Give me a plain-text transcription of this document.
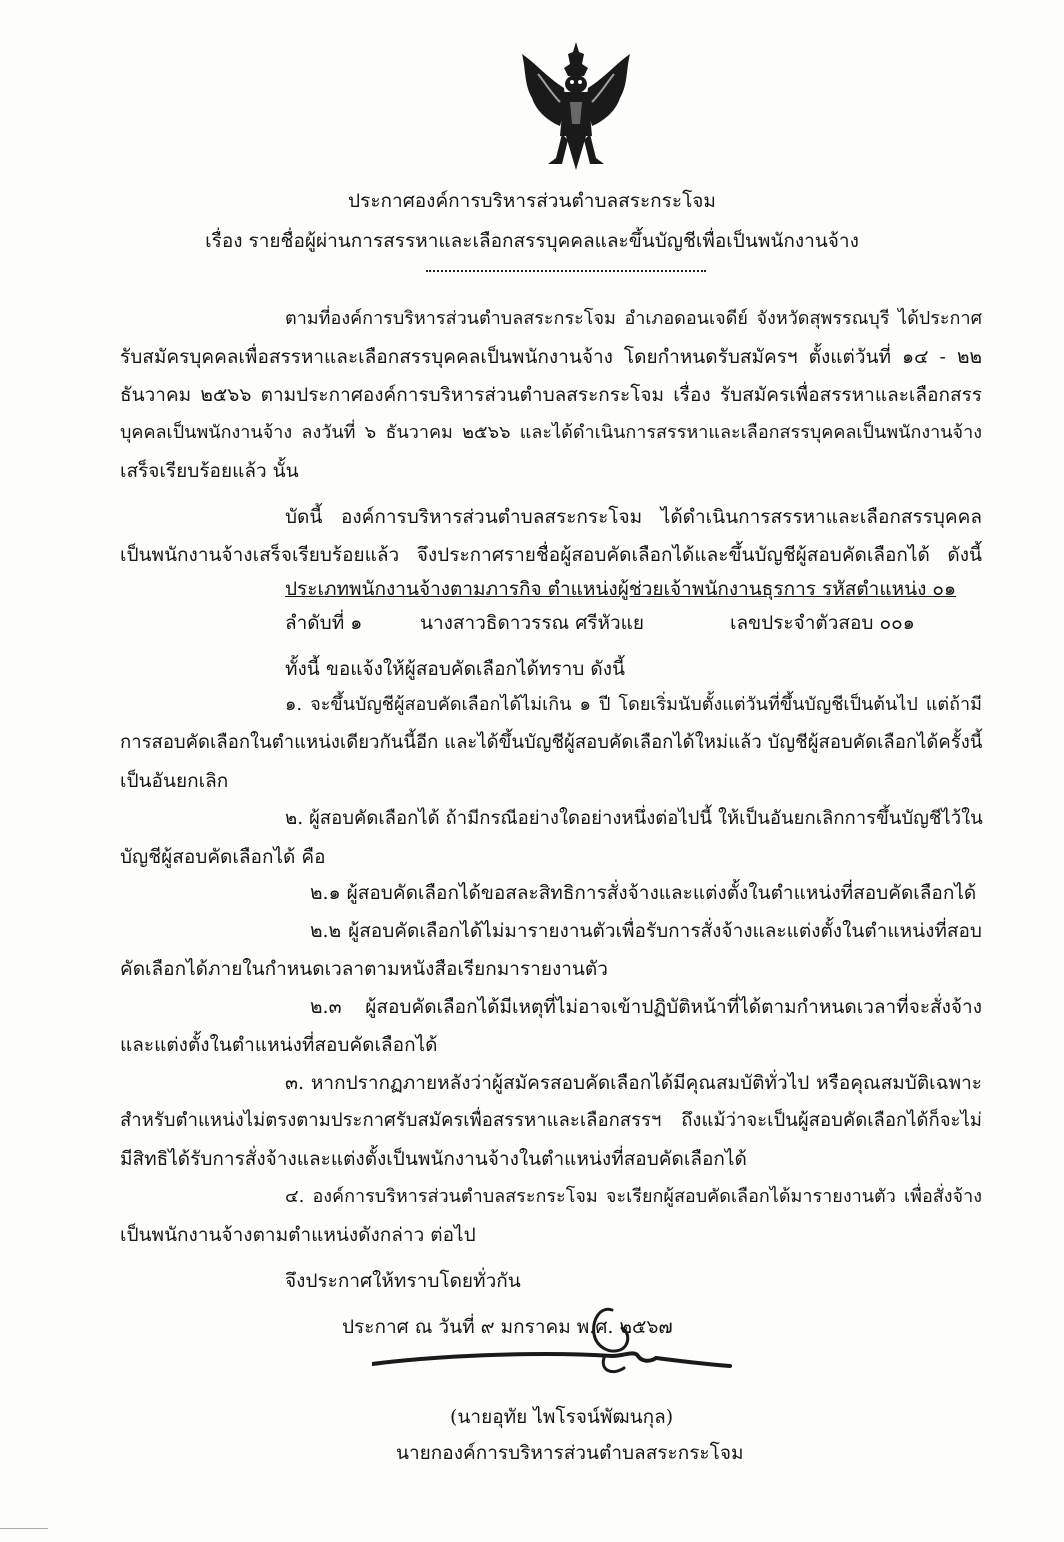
ประกาศองค์การบริหารส่วนตำบลสระกระโจม
เรื่อง รายชื่อผู้ผ่านการสรรหาและเลือกสรรบุคคลและขึ้นบัญชีเพื่อเป็นพนักงานจ้าง
ตามที่องค์การบริหารส่วนตำบลสระกระโจม อำเภอดอนเจดีย์ จังหวัดสุพรรณบุรี ได้ประกาศ
รับสมัครบุคคลเพื่อสรรหาและเลือกสรรบุคคลเป็นพนักงานจ้าง โดยกำหนดรับสมัครฯ ตั้งแต่วันที่ ๑๔ - ๒๒
ธันวาคม ๒๕๖๖ ตามประกาศองค์การบริหารส่วนตำบลสระกระโจม เรื่อง รับสมัครเพื่อสรรหาและเลือกสรร
บุคคลเป็นพนักงานจ้าง ลงวันที่ ๖ ธันวาคม ๒๕๖๖ และได้ดำเนินการสรรหาและเลือกสรรบุคคลเป็นพนักงานจ้าง
เสร็จเรียบร้อยแล้ว นั้น
บัดนี้ องค์การบริหารส่วนตำบลสระกระโจม ได้ดำเนินการสรรหาและเลือกสรรบุคคล
เป็นพนักงานจ้างเสร็จเรียบร้อยแล้ว จึงประกาศรายชื่อผู้สอบคัดเลือกได้และขึ้นบัญชีผู้สอบคัดเลือกได้ ดังนี้
ประเภทพนักงานจ้างตามภารกิจ ตำแหน่งผู้ช่วยเจ้าพนักงานธุรการ รหัสตำแหน่ง ๐๑
ลำดับที่ ๑	นางสาวธิดาวรรณ ศรีหัวแย	เลขประจำตัวสอบ ๐๐๑
ทั้งนี้ ขอแจ้งให้ผู้สอบคัดเลือกได้ทราบ ดังนี้
๑. จะขึ้นบัญชีผู้สอบคัดเลือกได้ไม่เกิน ๑ ปี โดยเริ่มนับตั้งแต่วันที่ขึ้นบัญชีเป็นต้นไป แต่ถ้ามี
การสอบคัดเลือกในตำแหน่งเดียวกันนี้อีก และได้ขึ้นบัญชีผู้สอบคัดเลือกได้ใหม่แล้ว บัญชีผู้สอบคัดเลือกได้ครั้งนี้
เป็นอันยกเลิก
๒. ผู้สอบคัดเลือกได้ ถ้ามีกรณีอย่างใดอย่างหนึ่งต่อไปนี้ ให้เป็นอันยกเลิกการขึ้นบัญชีไว้ใน
บัญชีผู้สอบคัดเลือกได้ คือ
๒.๑ ผู้สอบคัดเลือกได้ขอสละสิทธิการสั่งจ้างและแต่งตั้งในตำแหน่งที่สอบคัดเลือกได้
๒.๒ ผู้สอบคัดเลือกได้ไม่มารายงานตัวเพื่อรับการสั่งจ้างและแต่งตั้งในตำแหน่งที่สอบ
คัดเลือกได้ภายในกำหนดเวลาตามหนังสือเรียกมารายงานตัว
๒.๓ ผู้สอบคัดเลือกได้มีเหตุที่ไม่อาจเข้าปฏิบัติหน้าที่ได้ตามกำหนดเวลาที่จะสั่งจ้าง
และแต่งตั้งในตำแหน่งที่สอบคัดเลือกได้
๓. หากปรากฏภายหลังว่าผู้สมัครสอบคัดเลือกได้มีคุณสมบัติทั่วไป หรือคุณสมบัติเฉพาะ
สำหรับตำแหน่งไม่ตรงตามประกาศรับสมัครเพื่อสรรหาและเลือกสรรฯ ถึงแม้ว่าจะเป็นผู้สอบคัดเลือกได้ก็จะไม่
มีสิทธิได้รับการสั่งจ้างและแต่งตั้งเป็นพนักงานจ้างในตำแหน่งที่สอบคัดเลือกได้
๔. องค์การบริหารส่วนตำบลสระกระโจม จะเรียกผู้สอบคัดเลือกได้มารายงานตัว เพื่อสั่งจ้าง
เป็นพนักงานจ้างตามตำแหน่งดังกล่าว ต่อไป
จึงประกาศให้ทราบโดยทั่วกัน
ประกาศ ณ วันที่ ๙ มกราคม พ.ศ. ๒๕๖๗
(นายอุทัย ไพโรจน์พัฒนกุล)
นายกองค์การบริหารส่วนตำบลสระกระโจม
